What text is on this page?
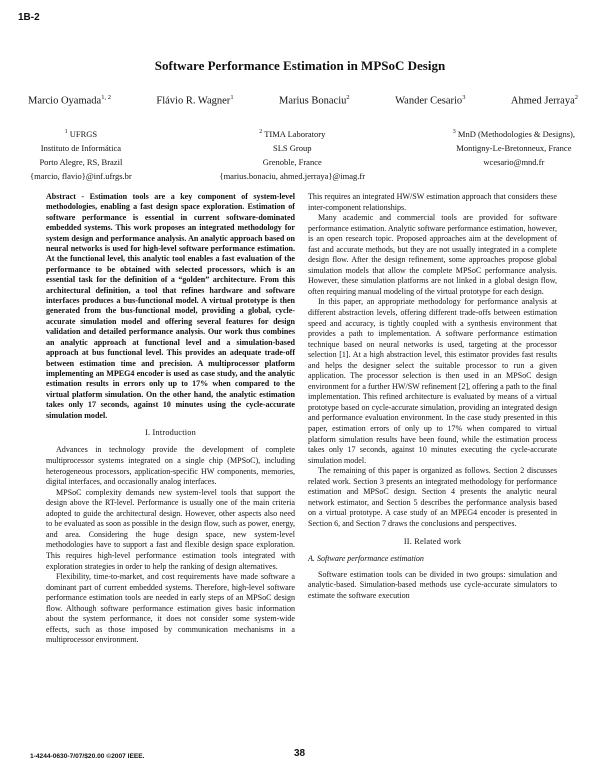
1B-2
Software Performance Estimation in MPSoC Design
Marcio Oyamada$^{1, 2}$	Flávio R. Wagner$^1$	Marius Bonaciu$^2$	Wander Cesario$^3$	Ahmed Jerraya$^2$
$^1$ UFRGS
Instituto de Informática
Porto Alegre, RS, Brazil
{marcio, flavio}@inf.ufrgs.br
$^2$ TIMA Laboratory
SLS Group
Grenoble, France
{marius.bonaciu, ahmed.jerraya}@imag.fr
$^3$ MnD (Methodologies & Designs),
Montigny-Le-Bretonneux, France
wcesario@mnd.fr

Abstract - Estimation tools are a key component of system-level methodologies, enabling a fast design space exploration. Estimation of software performance is essential in current software-dominated embedded systems. This work proposes an integrated methodology for system design and performance analysis. An analytic approach based on neural networks is used for high-level software performance estimation. At the functional level, this analytic tool enables a fast evaluation of the performance to be obtained with selected processors, which is an essential task for the definition of a “golden” architecture. From this architectural definition, a tool that refines hardware and software interfaces produces a bus-functional model. A virtual prototype is then generated from the bus-functional model, providing a global, cycle-accurate simulation model and offering several features for design validation and detailed performance analysis. Our work thus combines an analytic approach at functional level and a simulation-based approach at bus functional level. This provides an adequate trade-off between estimation time and precision. A multiprocessor platform implementing an MPEG4 encoder is used as case study, and the analytic estimation results in errors only up to 17% when compared to the virtual platform simulation. On the other hand, the analytic estimation takes only 17 seconds, against 10 minutes using the cycle-accurate simulation model.

I. Introduction

Advances in technology provide the development of complete multiprocessor systems integrated on a single chip (MPSoC), including heterogeneous processors, application-specific HW components, memories, digital interfaces, and occasionally analog interfaces.

MPSoC complexity demands new system-level tools that support the design above the RT-level. Performance is usually one of the main criteria adopted to guide the architectural design. However, other aspects also need to be evaluated as soon as possible in the design flow, such as power, energy, and area. Considering the huge design space, new system-level methodologies have to support a fast and flexible design space exploration. This requires high-level performance estimation tools integrated with exploration strategies in order to help the ranking of design alternatives.

Flexibility, time-to-market, and cost requirements have made software a dominant part of current embedded systems. Therefore, high-level software performance estimation tools are needed in early steps of an MPSoC design flow. Although software performance estimation gives basic information about the system performance, it does not consider some system-wide effects, such as those imposed by communication mechanisms in a multiprocessor environment.

This requires an integrated HW/SW estimation approach that considers these inter-component relationships.

Many academic and commercial tools are provided for software performance estimation. Analytic software performance estimation, however, is an open research topic. Proposed approaches aim at the development of fast and accurate methods, but they are not usually integrated in a complete design flow. After the design refinement, some approaches propose global simulation models that allow the complete MPSoC performance analysis. However, these simulation platforms are not linked in a global design flow, often requiring manual modeling of the virtual prototype for each design.

In this paper, an appropriate methodology for performance analysis at different abstraction levels, offering different trade-offs between estimation speed and accuracy, is tightly coupled with a synthesis environment that provides a path to implementation. A software performance estimation technique based on neural networks is used, targeting at the processor selection [1]. At a high abstraction level, this estimator provides fast results and helps the designer select the suitable processor to run a given application. The processor selection is then used in an MPSoC design environment for a further HW/SW refinement [2], offering a path to the final implementation. This refined architecture is evaluated by means of a virtual prototype based on cycle-accurate simulation, providing an integrated design and performance evaluation environment. In the case study presented in this paper, estimation errors of only up to 17% when compared to virtual platform simulation results have been found, while the estimation process takes only 17 seconds, against 10 minutes executing the cycle-accurate simulation model.

The remaining of this paper is organized as follows. Section 2 discusses related work. Section 3 presents an integrated methodology for performance estimation and MPSoC design. Section 4 presents the analytic neural network estimator, and Section 5 describes the performance analysis based on a virtual prototype. A case study of an MPEG4 encoder is presented in Section 6, and Section 7 draws the conclusions and perspectives.

II. Related work
A. Software performance estimation

Software estimation tools can be divided in two groups: simulation and analytic-based. Simulation-based methods use cycle-accurate simulators to estimate the software execution

1-4244-0630-7/07/$20.00 ©2007 IEEE.	38
